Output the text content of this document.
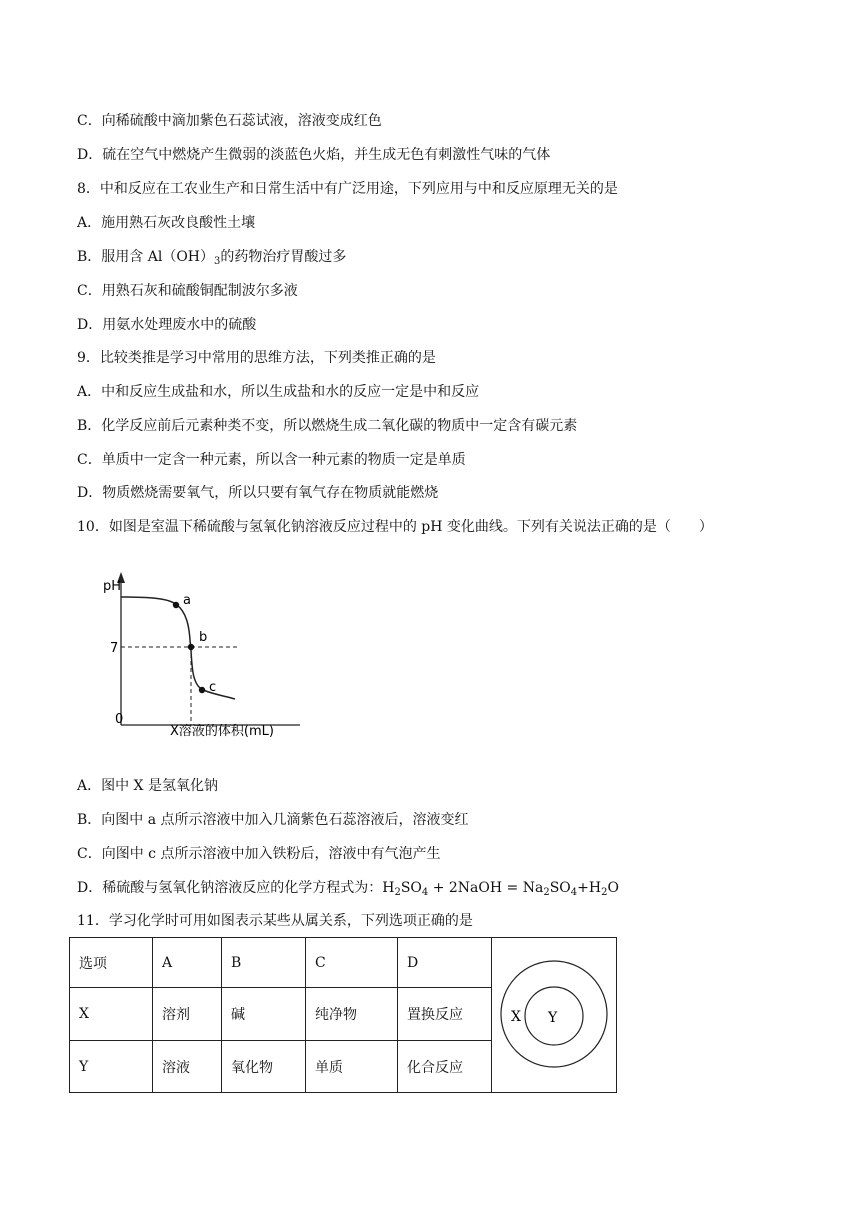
C．向稀硫酸中滴加紫色石蕊试液，溶液变成红色
D．硫在空气中燃烧产生微弱的淡蓝色火焰，并生成无色有刺激性气味的气体
8．中和反应在工农业生产和日常生活中有广泛用途，下列应用与中和反应原理无关的是
A．施用熟石灰改良酸性土壤
B．服用含 $Al(OH)_3$的药物治疗胃酸过多
C．用熟石灰和硫酸铜配制波尔多液
D．用氨水处理废水中的硫酸
9．比较类推是学习中常用的思维方法，下列类推正确的是
A．中和反应生成盐和水，所以生成盐和水的反应一定是中和反应
B．化学反应前后元素种类不变，所以燃烧生成二氧化碳的物质中一定含有碳元素
C．单质中一定含一种元素，所以含一种元素的物质一定是单质
D．物质燃烧需要氧气，所以只要有氧气存在物质就能燃烧
10．如图是室温下稀硫酸与氢氧化钠溶液反应过程中的 pH 变化曲线。下列有关说法正确的是（　　）
a
b
c
pH
7
0
X溶液的体积(mL)
A．图中 X 是氢氧化钠
B．向图中 a 点所示溶液中加入几滴紫色石蕊溶液后，溶液变红
C．向图中 c 点所示溶液中加入铁粉后，溶液中有气泡产生
D．稀硫酸与氢氧化钠溶液反应的化学方程式为：$H_2SO_4$ + 2NaOH = $Na_2SO_4+H_2O$
11．学习化学时可用如图表示某些从属关系，下列选项正确的是
选项	A	B	C	D	X Y

X	溶剂	碱	纯净物	置换反应	
Y	溶液	氧化物	单质	化合反应	
